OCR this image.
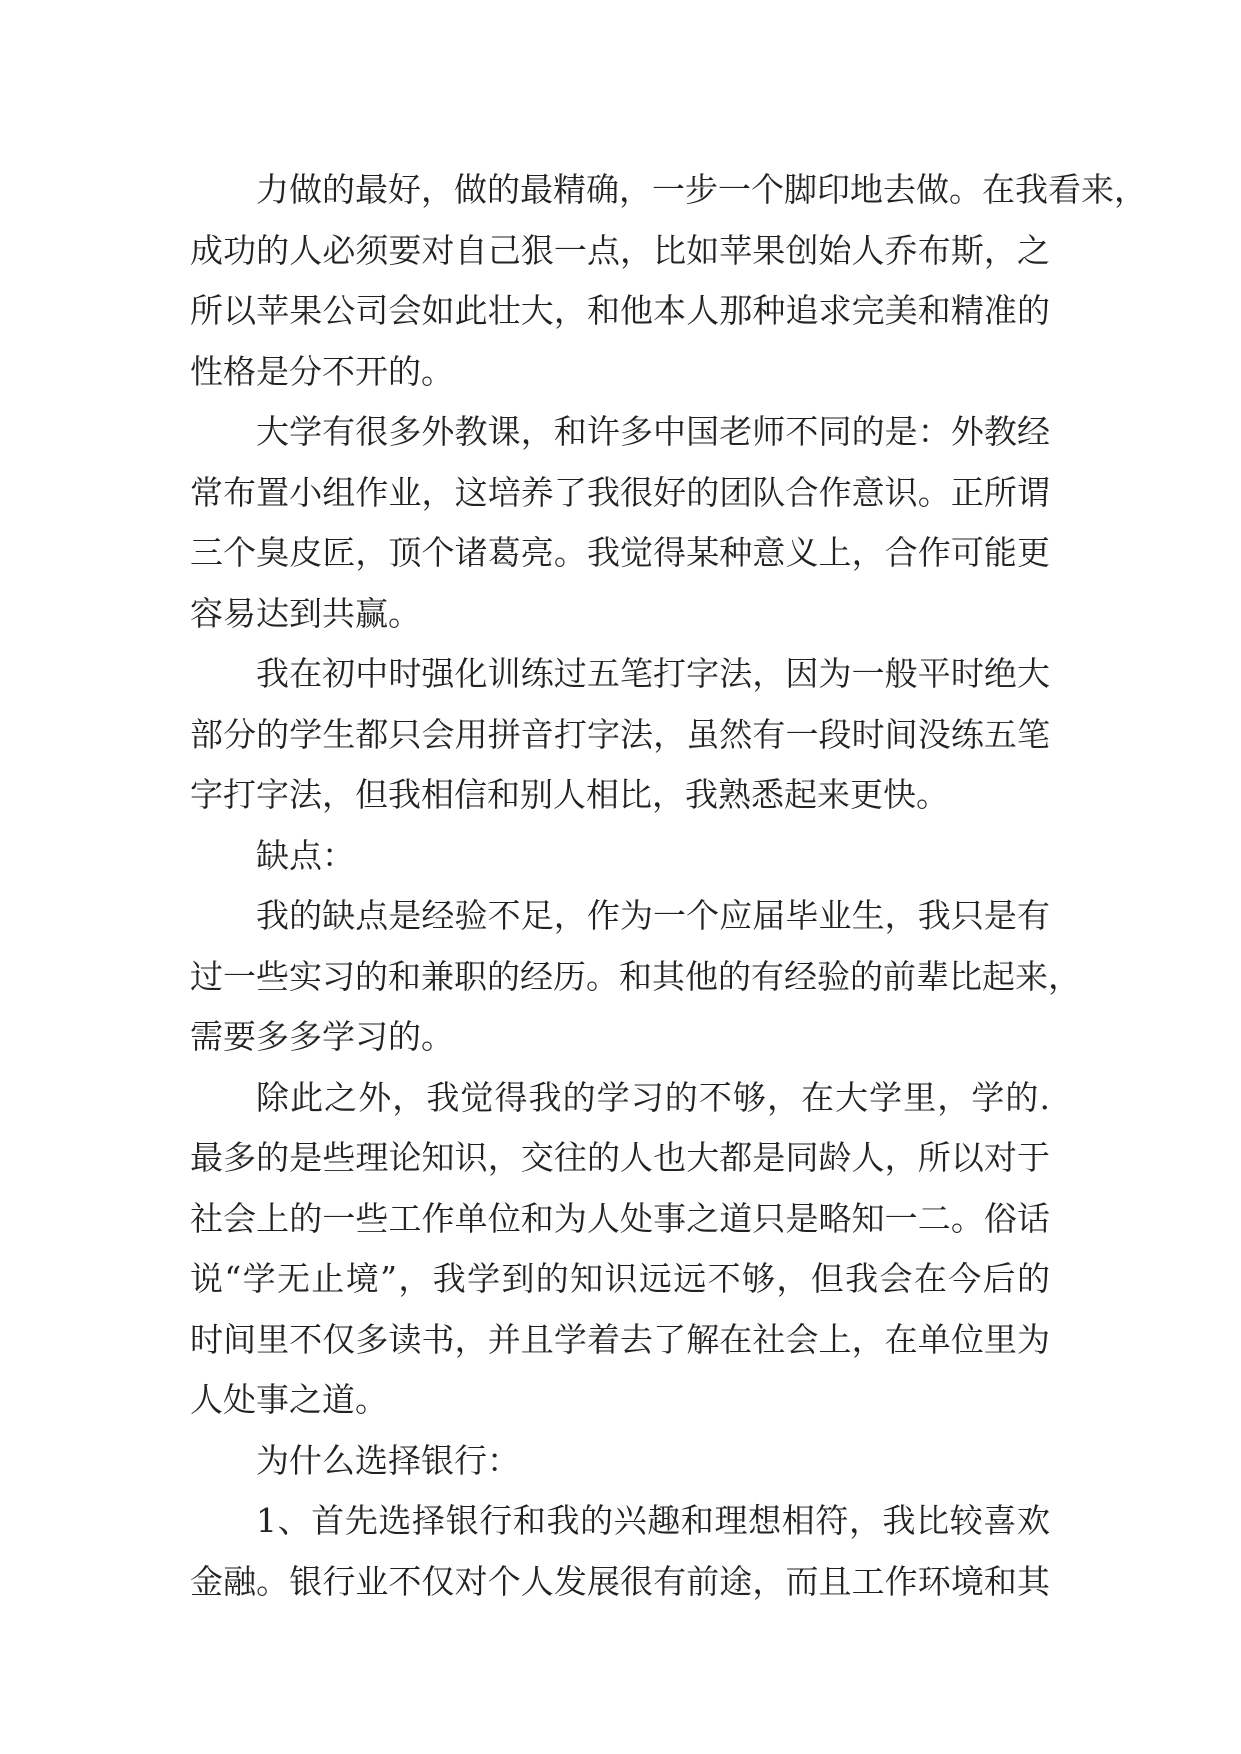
力做的最好，做的最精确，一步一个脚印地去做。在我看来，
成功的人必须要对自己狠一点，比如苹果创始人乔布斯，之
所以苹果公司会如此壮大，和他本人那种追求完美和精准的
性格是分不开的。
大学有很多外教课，和许多中国老师不同的是：外教经
常布置小组作业，这培养了我很好的团队合作意识。正所谓
三个臭皮匠，顶个诸葛亮。我觉得某种意义上，合作可能更
容易达到共赢。
我在初中时强化训练过五笔打字法，因为一般平时绝大
部分的学生都只会用拼音打字法，虽然有一段时间没练五笔
字打字法，但我相信和别人相比，我熟悉起来更快。
缺点：
我的缺点是经验不足，作为一个应届毕业生，我只是有
过一些实习的和兼职的经历。和其他的有经验的前辈比起来，
需要多多学习的。
除此之外，我觉得我的学习的不够，在大学里，学的.
最多的是些理论知识，交往的人也大都是同龄人，所以对于
社会上的一些工作单位和为人处事之道只是略知一二。俗话
说“学无止境”，我学到的知识远远不够，但我会在今后的
时间里不仅多读书，并且学着去了解在社会上，在单位里为
人处事之道。
为什么选择银行：
1、首先选择银行和我的兴趣和理想相符，我比较喜欢
金融。银行业不仅对个人发展很有前途，而且工作环境和其
